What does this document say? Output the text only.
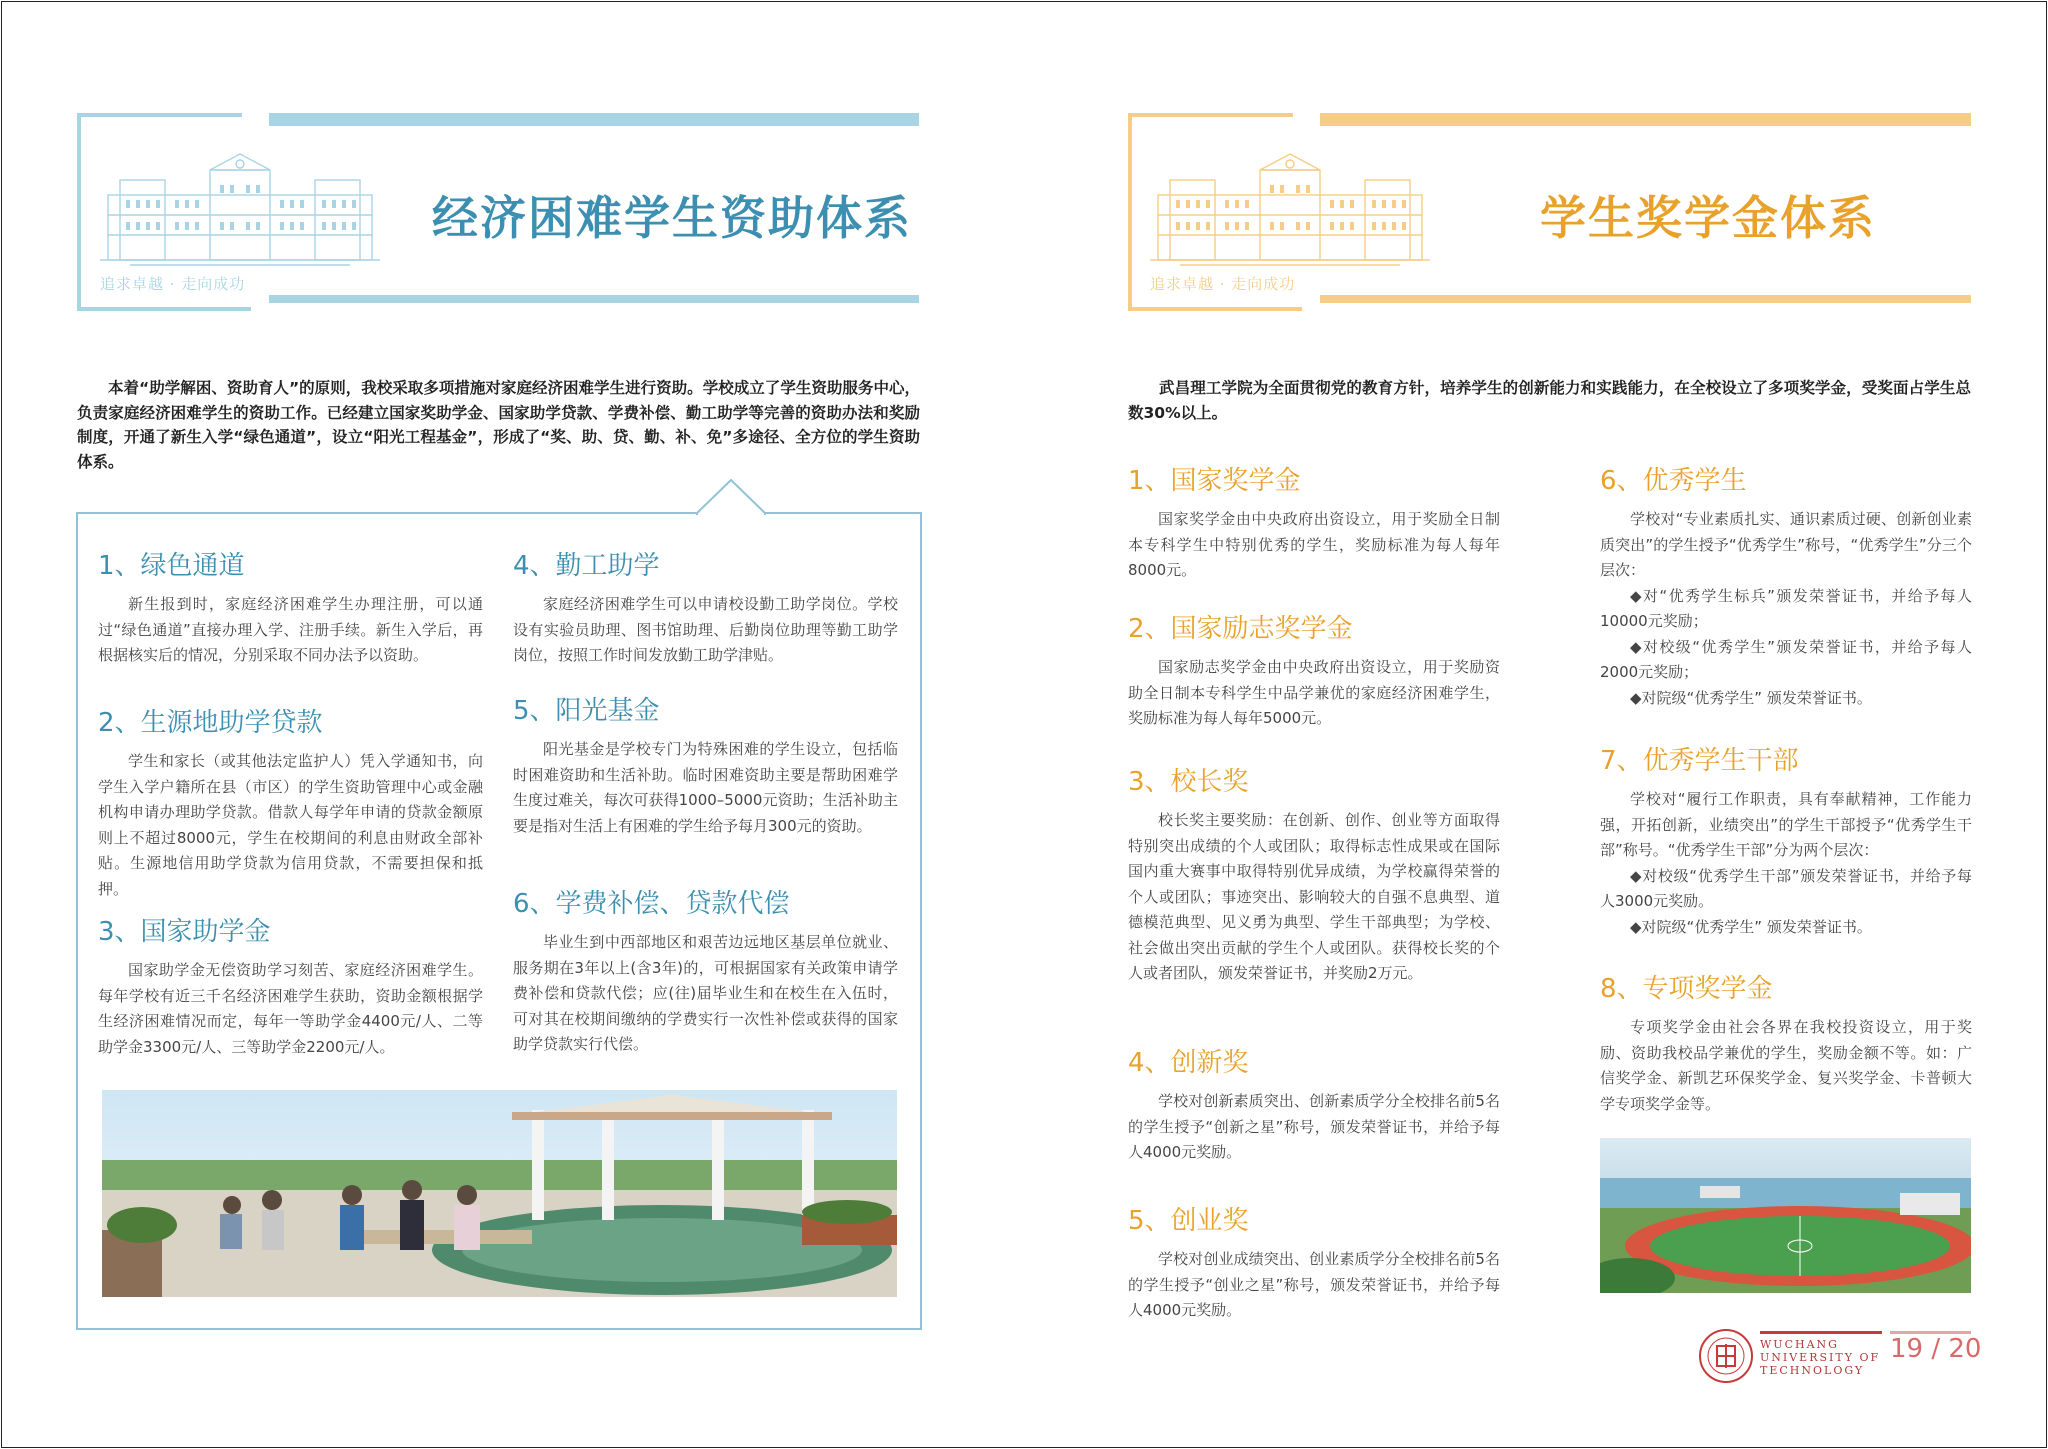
追求卓越 · 走向成功
经济困难学生资助体系
本着“助学解困、资助育人”的原则，我校采取多项措施对家庭经济困难学生进行资助。学校成立了学生资助服务中心，负责家庭经济困难学生的资助工作。已经建立国家奖助学金、国家助学贷款、学费补偿、勤工助学等完善的资助办法和奖励制度，开通了新生入学“绿色通道”，设立“阳光工程基金”，形成了“奖、助、贷、勤、补、免”多途径、全方位的学生资助体系。
1、绿色通道

新生报到时，家庭经济困难学生办理注册，可以通过“绿色通道”直接办理入学、注册手续。新生入学后，再根据核实后的情况，分别采取不同办法予以资助。

2、生源地助学贷款

学生和家长（或其他法定监护人）凭入学通知书，向学生入学户籍所在县（市区）的学生资助管理中心或金融机构申请办理助学贷款。借款人每学年申请的贷款金额原则上不超过8000元，学生在校期间的利息由财政全部补贴。生源地信用助学贷款为信用贷款，不需要担保和抵押。

3、国家助学金

国家助学金无偿资助学习刻苦、家庭经济困难学生。每年学校有近三千名经济困难学生获助，资助金额根据学生经济困难情况而定，每年一等助学金4400元/人、二等助学金3300元/人、三等助学金2200元/人。

4、勤工助学

家庭经济困难学生可以申请校设勤工助学岗位。学校设有实验员助理、图书馆助理、后勤岗位助理等勤工助学岗位，按照工作时间发放勤工助学津贴。

5、阳光基金

阳光基金是学校专门为特殊困难的学生设立，包括临时困难资助和生活补助。临时困难资助主要是帮助困难学生度过难关，每次可获得1000–5000元资助；生活补助主要是指对生活上有困难的学生给予每月300元的资助。

6、学费补偿、贷款代偿

毕业生到中西部地区和艰苦边远地区基层单位就业、服务期在3年以上(含3年)的，可根据国家有关政策申请学费补偿和贷款代偿；应(往)届毕业生和在校生在入伍时，可对其在校期间缴纳的学费实行一次性补偿或获得的国家助学贷款实行代偿。

追求卓越 · 走向成功
学生奖学金体系
武昌理工学院为全面贯彻党的教育方针，培养学生的创新能力和实践能力，在全校设立了多项奖学金，受奖面占学生总数30%以上。
1、国家奖学金

国家奖学金由中央政府出资设立，用于奖励全日制本专科学生中特别优秀的学生，奖励标准为每人每年8000元。

2、国家励志奖学金

国家励志奖学金由中央政府出资设立，用于奖励资助全日制本专科学生中品学兼优的家庭经济困难学生，奖励标准为每人每年5000元。

3、校长奖

校长奖主要奖励：在创新、创作、创业等方面取得特别突出成绩的个人或团队；取得标志性成果或在国际国内重大赛事中取得特别优异成绩，为学校赢得荣誉的个人或团队；事迹突出、影响较大的自强不息典型、道德模范典型、见义勇为典型、学生干部典型；为学校、社会做出突出贡献的学生个人或团队。获得校长奖的个人或者团队，颁发荣誉证书，并奖励2万元。

4、创新奖

学校对创新素质突出、创新素质学分全校排名前5名的学生授予“创新之星”称号，颁发荣誉证书，并给予每人4000元奖励。

5、创业奖

学校对创业成绩突出、创业素质学分全校排名前5名的学生授予“创业之星”称号，颁发荣誉证书，并给予每人4000元奖励。

6、优秀学生

学校对“专业素质扎实、通识素质过硬、创新创业素质突出”的学生授予“优秀学生”称号，“优秀学生”分三个层次：

◆对“优秀学生标兵”颁发荣誉证书，并给予每人10000元奖励；

◆对校级“优秀学生”颁发荣誉证书，并给予每人2000元奖励；

◆对院级“优秀学生” 颁发荣誉证书。

7、优秀学生干部

学校对“履行工作职责，具有奉献精神，工作能力强，开拓创新，业绩突出”的学生干部授予“优秀学生干部”称号。“优秀学生干部”分为两个层次：

◆对校级“优秀学生干部”颁发荣誉证书，并给予每人3000元奖励。

◆对院级“优秀学生” 颁发荣誉证书。

8、专项奖学金

专项奖学金由社会各界在我校投资设立，用于奖励、资助我校品学兼优的学生，奖励金额不等。如：广信奖学金、新凯艺环保奖学金、复兴奖学金、卡普顿大学专项奖学金等。

WUCHANG
UNIVERSITY OF
TECHNOLOGY
19 / 20
